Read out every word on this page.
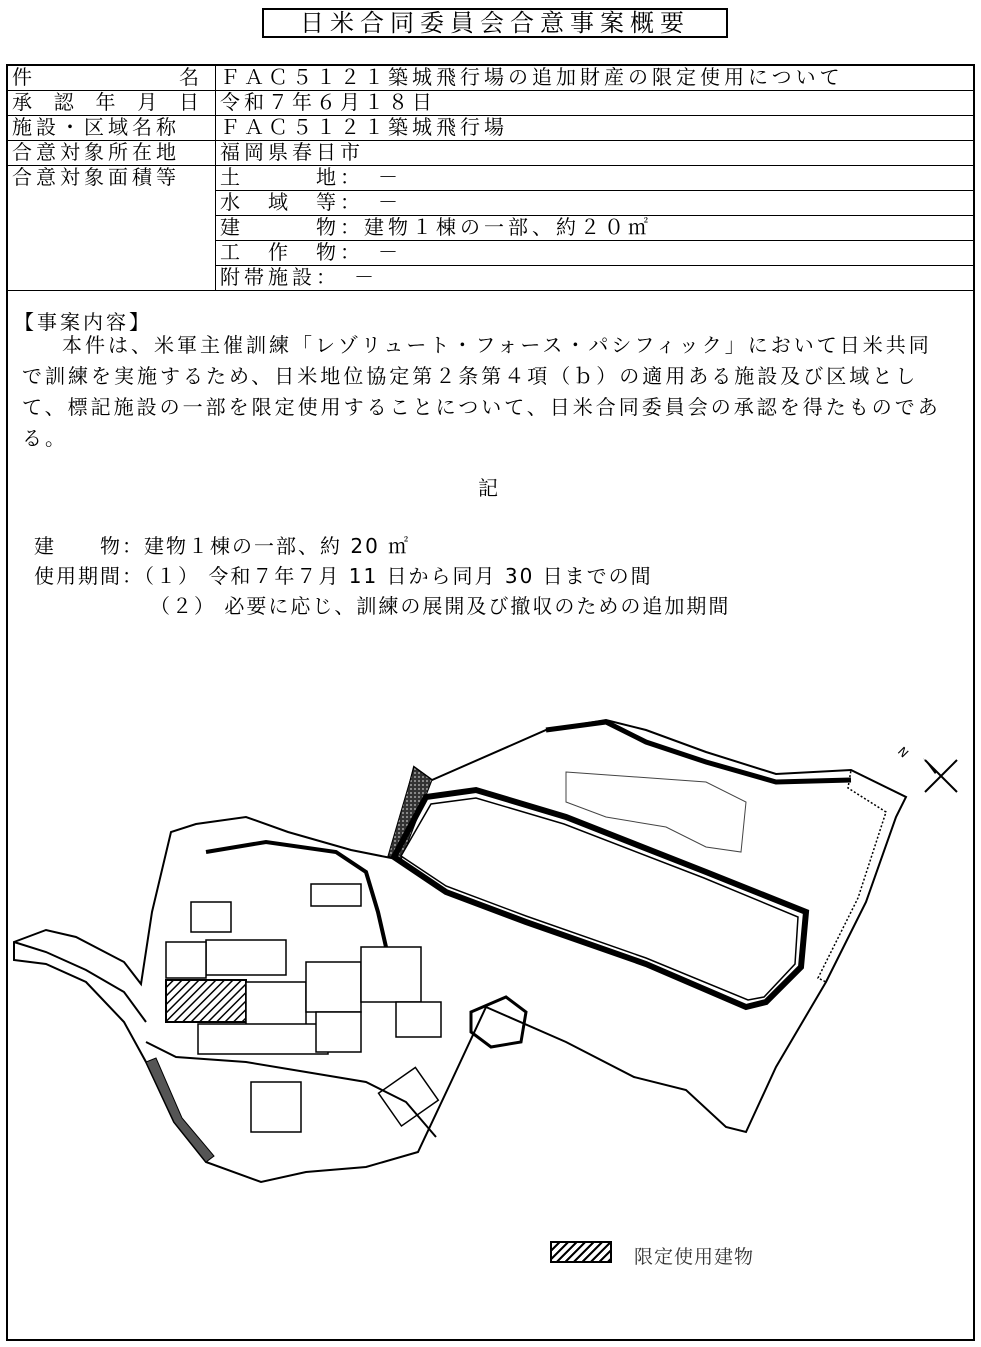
日米合同委員会合意事案概要
件 名	ＦＡＣ５１２１築城飛行場の追加財産の限定使用について

承 認 年 月 日	令和７年６月１８日
施設・区域名称	ＦＡＣ５１２１築城飛行場
合意対象所在地	福岡県春日市
合意対象面積等	土　　　地：　－
	水　域　等：　－
	建　　　物：建物１棟の一部、約２０㎡
	工　作　物：　－
	附帯施設：　－
【事案内容】
本件は、米軍主催訓練「レゾリュート・フォース・パシフィック」において日米共同で訓練を実施するため、日米地位協定第２条第４項（ｂ）の適用ある施設及び区域として、標記施設の一部を限定使用することについて、日米合同委員会の承認を得たものである。
記
建　　物：建物１棟の一部、約 20 ㎡
使用期間：（１） 令和７年７月 11 日から同月 30 日までの間
（２） 必要に応じ、訓練の展開及び撤収のための追加期間
N
限定使用建物
